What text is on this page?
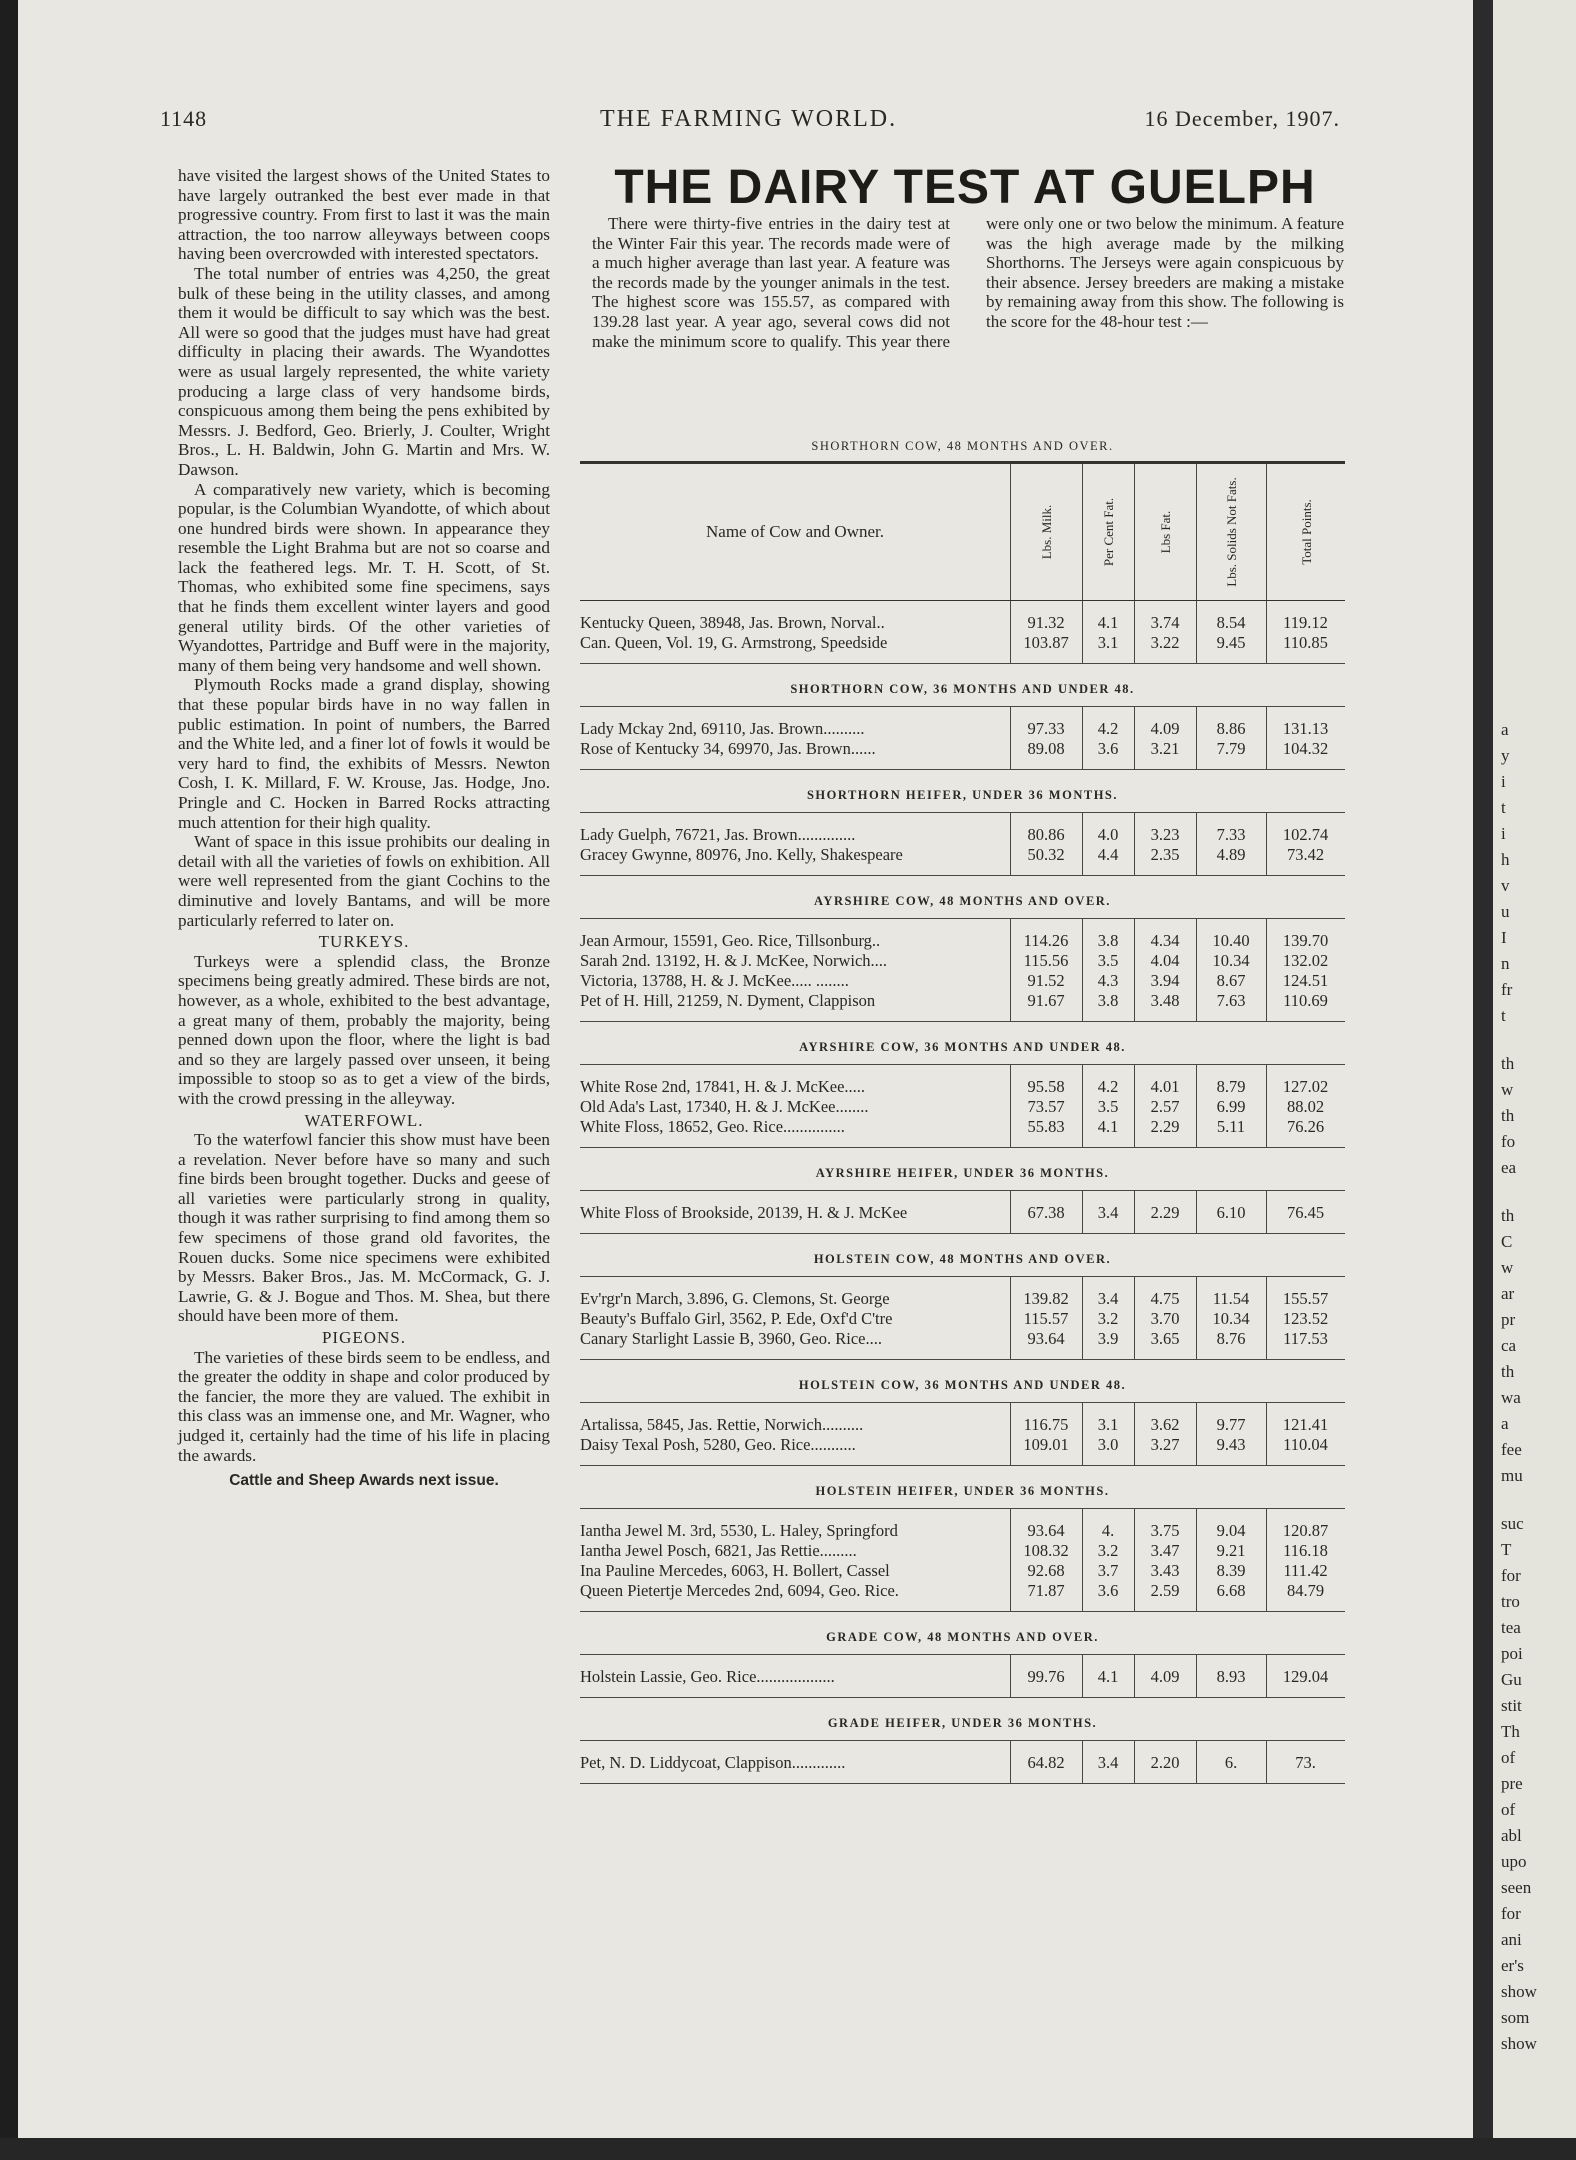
a
y
i
t
i
h
v
u
I
n
fr
t
th
w
th
fo
ea
th
C
w
ar
pr
ca
th
wa
a
fee
mu
suc
T
for
tro
tea
poi
Gu
stit
Th
of
pre
of
abl
upo
seen
for
ani
er's
show
som
show
1148	THE FARMING WORLD.	16 December, 1907.

have visited the largest shows of the United States to have largely outranked the best ever made in that progressive country. From first to last it was the main attraction, the too narrow alleyways between coops having been overcrowded with interested spectators.

The total number of entries was 4,250, the great bulk of these being in the utility classes, and among them it would be difficult to say which was the best. All were so good that the judges must have had great difficulty in placing their awards. The Wyandottes were as usual largely represented, the white variety producing a large class of very handsome birds, conspicuous among them being the pens exhibited by Messrs. J. Bedford, Geo. Brierly, J. Coulter, Wright Bros., L. H. Baldwin, John G. Martin and Mrs. W. Dawson.

A comparatively new variety, which is becoming popular, is the Columbian Wyandotte, of which about one hundred birds were shown. In appearance they resemble the Light Brahma but are not so coarse and lack the feathered legs. Mr. T. H. Scott, of St. Thomas, who exhibited some fine specimens, says that he finds them excellent winter layers and good general utility birds. Of the other varieties of Wyandottes, Partridge and Buff were in the majority, many of them being very handsome and well shown.

Plymouth Rocks made a grand display, showing that these popular birds have in no way fallen in public estimation. In point of numbers, the Barred and the White led, and a finer lot of fowls it would be very hard to find, the exhibits of Messrs. Newton Cosh, I. K. Millard, F. W. Krouse, Jas. Hodge, Jno. Pringle and C. Hocken in Barred Rocks attracting much attention for their high quality.

Want of space in this issue prohibits our dealing in detail with all the varieties of fowls on exhibition. All were well represented from the giant Cochins to the diminutive and lovely Bantams, and will be more particularly referred to later on.

TURKEYS.

Turkeys were a splendid class, the Bronze specimens being greatly admired. These birds are not, however, as a whole, exhibited to the best advantage, a great many of them, probably the majority, being penned down upon the floor, where the light is bad and so they are largely passed over unseen, it being impossible to stoop so as to get a view of the birds, with the crowd pressing in the alleyway.

WATERFOWL.

To the waterfowl fancier this show must have been a revelation. Never before have so many and such fine birds been brought together. Ducks and geese of all varieties were particularly strong in quality, though it was rather surprising to find among them so few specimens of those grand old favorites, the Rouen ducks. Some nice specimens were exhibited by Messrs. Baker Bros., Jas. M. McCormack, G. J. Lawrie, G. & J. Bogue and Thos. M. Shea, but there should have been more of them.

PIGEONS.

The varieties of these birds seem to be endless, and the greater the oddity in shape and color produced by the fancier, the more they are valued. The exhibit in this class was an immense one, and Mr. Wagner, who judged it, certainly had the time of his life in placing the awards.

Cattle and Sheep Awards next issue.

THE DAIRY TEST AT GUELPH

There were thirty-five entries in the dairy test at the Winter Fair this year. The records made were of a much higher average than last year. A feature was the records made by the younger animals in the test. The highest score was 155.57, as compared with 139.28 last year. A year ago, several cows did not make the minimum score to qualify. This year there were only one or two below the minimum. A feature was the high average made by the milking Shorthorns. The Jerseys were again conspicuous by their absence. Jersey breeders are making a mistake by remaining away from this show. The following is the score for the 48-hour test :—

SHORTHORN COW, 48 MONTHS AND OVER.
Name of Cow and Owner.	Lbs. Milk.	Per Cent Fat.	Lbs Fat.	Lbs. Solids Not Fats.	Total Points.
Kentucky Queen, 38948, Jas. Brown, Norval..	91.32	4.1	3.74	8.54	119.12
Can. Queen, Vol. 19, G. Armstrong, Speedside	103.87	3.1	3.22	9.45	110.85
SHORTHORN COW, 36 MONTHS AND UNDER 48.
Lady Mckay 2nd, 69110, Jas. Brown..........	97.33	4.2	4.09	8.86	131.13
Rose of Kentucky 34, 69970, Jas. Brown......	89.08	3.6	3.21	7.79	104.32
SHORTHORN HEIFER, UNDER 36 MONTHS.
Lady Guelph, 76721, Jas. Brown..............	80.86	4.0	3.23	7.33	102.74
Gracey Gwynne, 80976, Jno. Kelly, Shakespeare	50.32	4.4	2.35	4.89	73.42
AYRSHIRE COW, 48 MONTHS AND OVER.
Jean Armour, 15591, Geo. Rice, Tillsonburg..	114.26	3.8	4.34	10.40	139.70
Sarah 2nd. 13192, H. & J. McKee, Norwich....	115.56	3.5	4.04	10.34	132.02
Victoria, 13788, H. & J. McKee..... ........	91.52	4.3	3.94	8.67	124.51
Pet of H. Hill, 21259, N. Dyment, Clappison	91.67	3.8	3.48	7.63	110.69
AYRSHIRE COW, 36 MONTHS AND UNDER 48.
White Rose 2nd, 17841, H. & J. McKee.....	95.58	4.2	4.01	8.79	127.02
Old Ada's Last, 17340, H. & J. McKee........	73.57	3.5	2.57	6.99	88.02
White Floss, 18652, Geo. Rice...............	55.83	4.1	2.29	5.11	76.26
AYRSHIRE HEIFER, UNDER 36 MONTHS.
White Floss of Brookside, 20139, H. & J. McKee	67.38	3.4	2.29	6.10	76.45
HOLSTEIN COW, 48 MONTHS AND OVER.
Ev'rgr'n March, 3.896, G. Clemons, St. George	139.82	3.4	4.75	11.54	155.57
Beauty's Buffalo Girl, 3562, P. Ede, Oxf'd C'tre	115.57	3.2	3.70	10.34	123.52
Canary Starlight Lassie B, 3960, Geo. Rice....	93.64	3.9	3.65	8.76	117.53
HOLSTEIN COW, 36 MONTHS AND UNDER 48.
Artalissa, 5845, Jas. Rettie, Norwich..........	116.75	3.1	3.62	9.77	121.41
Daisy Texal Posh, 5280, Geo. Rice...........	109.01	3.0	3.27	9.43	110.04
HOLSTEIN HEIFER, UNDER 36 MONTHS.
Iantha Jewel M. 3rd, 5530, L. Haley, Springford	93.64	4.	3.75	9.04	120.87
Iantha Jewel Posch, 6821, Jas Rettie.........	108.32	3.2	3.47	9.21	116.18
Ina Pauline Mercedes, 6063, H. Bollert, Cassel	92.68	3.7	3.43	8.39	111.42
Queen Pietertje Mercedes 2nd, 6094, Geo. Rice.	71.87	3.6	2.59	6.68	84.79
GRADE COW, 48 MONTHS AND OVER.
Holstein Lassie, Geo. Rice...................	99.76	4.1	4.09	8.93	129.04
GRADE HEIFER, UNDER 36 MONTHS.
Pet, N. D. Liddycoat, Clappison.............	64.82	3.4	2.20	6.	73.
